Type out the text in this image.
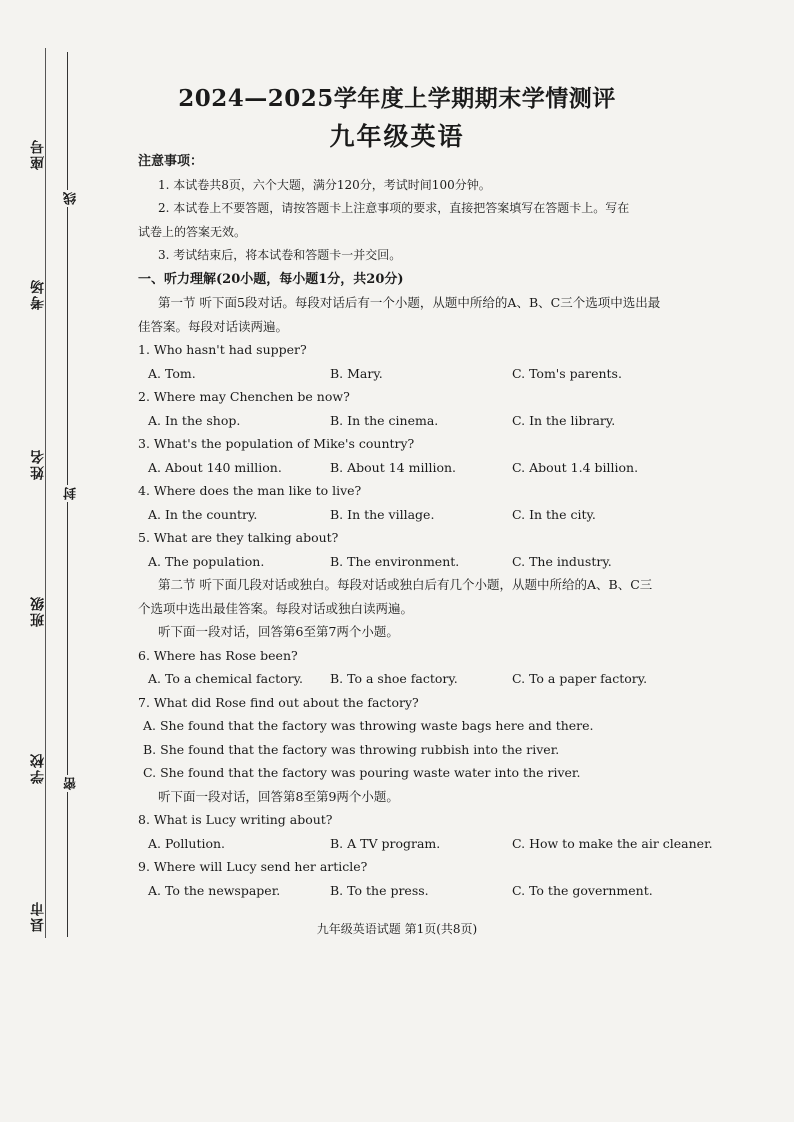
座号
考场
姓名
班级
学校
县市
线
封
密
2024—2025学年度上学期期末学情测评
九年级英语
注意事项：
1. 本试卷共8页，六个大题，满分120分，考试时间100分钟。
2. 本试卷上不要答题，请按答题卡上注意事项的要求，直接把答案填写在答题卡上。写在
试卷上的答案无效。
3. 考试结束后，将本试卷和答题卡一并交回。
一、听力理解(20小题，每小题1分，共20分)
第一节 听下面5段对话。每段对话后有一个小题，从题中所给的A、B、C三个选项中选出最
佳答案。每段对话读两遍。
1. Who hasn't had supper?
A. Tom.	B. Mary.	C. Tom's parents.
2. Where may Chenchen be now?
A. In the shop.	B. In the cinema.	C. In the library.
3. What's the population of Mike's country?
A. About 140 million.	B. About 14 million.	C. About 1.4 billion.
4. Where does the man like to live?
A. In the country.	B. In the village.	C. In the city.
5. What are they talking about?
A. The population.	B. The environment.	C. The industry.
第二节 听下面几段对话或独白。每段对话或独白后有几个小题，从题中所给的A、B、C三
个选项中选出最佳答案。每段对话或独白读两遍。
听下面一段对话，回答第6至第7两个小题。
6. Where has Rose been?
A. To a chemical factory.	B. To a shoe factory.	C. To a paper factory.
7. What did Rose find out about the factory?
A. She found that the factory was throwing waste bags here and there.
B. She found that the factory was throwing rubbish into the river.
C. She found that the factory was pouring waste water into the river.
听下面一段对话，回答第8至第9两个小题。
8. What is Lucy writing about?
A. Pollution.	B. A TV program.	C. How to make the air cleaner.
9. Where will Lucy send her article?
A. To the newspaper.	B. To the press.	C. To the government.
九年级英语试题 第1页(共8页)
